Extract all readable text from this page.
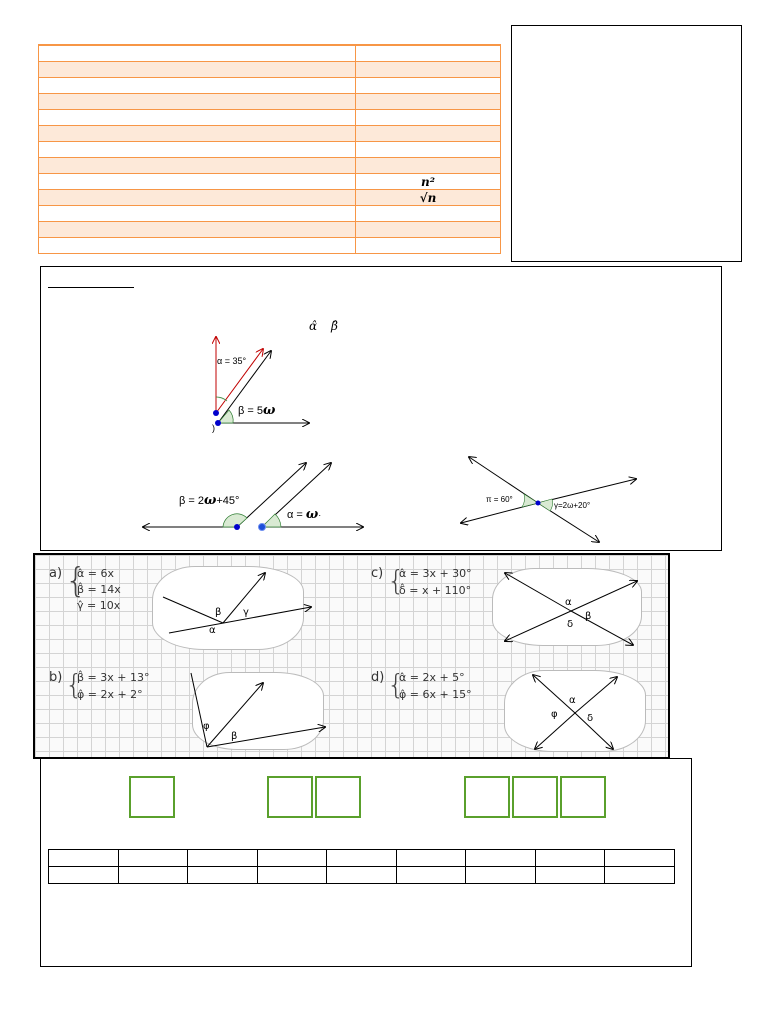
	n²
	√n

α̂ β̂
α = 35°
β = 5ω
)
β = 2ω+45°
α = ω·
π = 60°
γ=2ω+20°
a) {
α̂ = 6x
β̂ = 14x
γ̂ = 10x
α
β γ
c) {
α̂ = 3x + 30°
δ̂ = x + 110°
α
β
δ
b) {
β̂ = 3x + 13°
φ̂ = 2x + 2°
φ
β
d) {
α̂ = 2x + 5°
φ̂ = 6x + 15°	α
φ	δ
